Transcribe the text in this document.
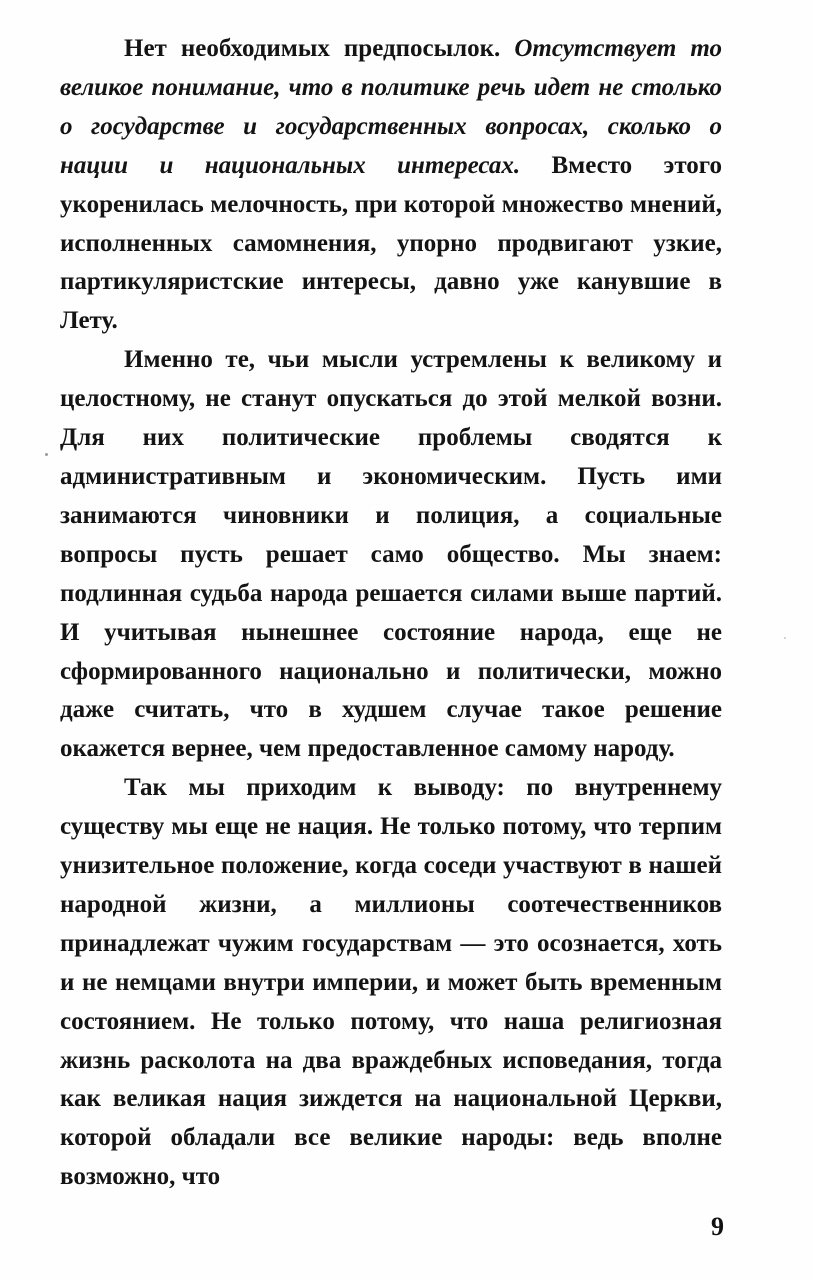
Нет необходимых предпосылок. Отсутствует то великое понимание, что в политике речь идет не столько о государстве и государственных вопросах, сколько о нации и национальных интересах. Вместо этого укоренилась мелочность, при которой множество мнений, исполненных самомнения, упорно продвигают узкие, партикуляристские интересы, давно уже канувшие в Лету.

Именно те, чьи мысли устремлены к великому и целостному, не станут опускаться до этой мелкой возни. Для них политические проблемы сводятся к административным и экономическим. Пусть ими занимаются чиновники и полиция, а социальные вопросы пусть решает само общество. Мы знаем: подлинная судьба народа решается силами выше партий. И учитывая нынешнее состояние народа, еще не сформированного национально и политически, можно даже считать, что в худшем случае такое решение окажется вернее, чем предоставленное самому народу.

Так мы приходим к выводу: по внутреннему существу мы еще не нация. Не только потому, что терпим унизительное положение, когда соседи участвуют в нашей народной жизни, а миллионы соотечественников принадлежат чужим государствам — это осознается, хоть и не немцами внутри империи, и может быть временным состоянием. Не только потому, что наша религиозная жизнь расколота на два враждебных исповедания, тогда как великая нация зиждется на национальной Церкви, которой обладали все великие народы: ведь вполне возможно, что

9
